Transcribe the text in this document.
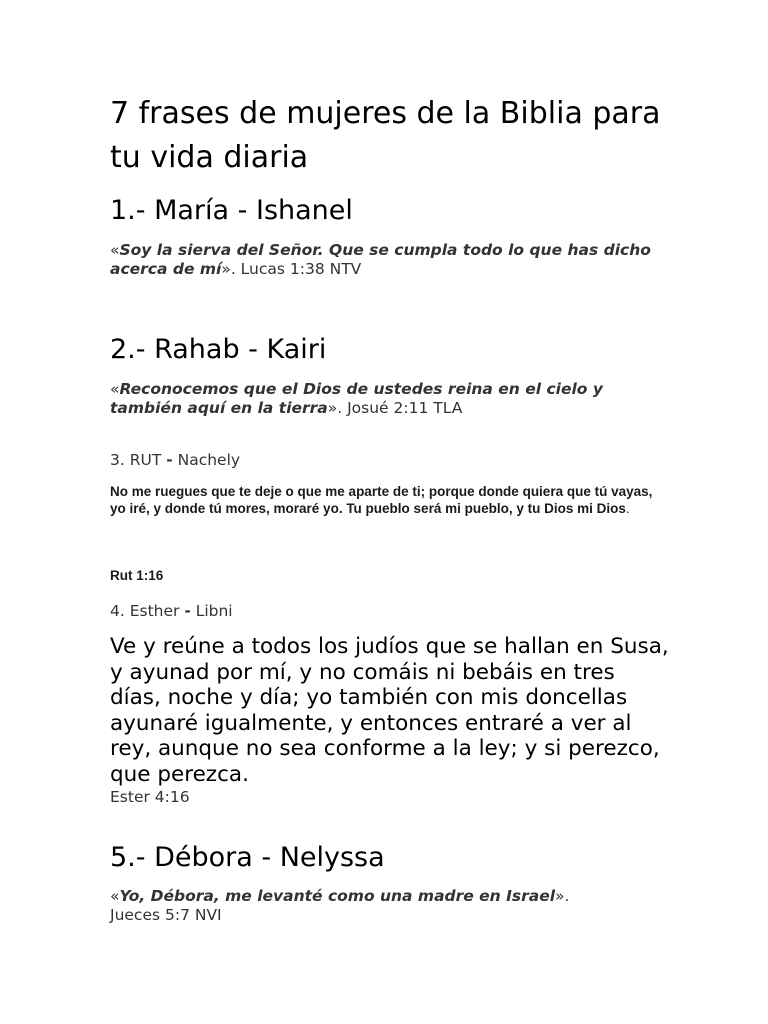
7 frases de mujeres de la Biblia para tu vida diaria
1.- María - Ishanel

«Soy la sierva del Señor. Que se cumpla todo lo que has dicho acerca de mí». Lucas 1:38 NTV

2.- Rahab - Kairi

«Reconocemos que el Dios de ustedes reina en el cielo y también aquí en la tierra». Josué 2:11 TLA

3. RUT - Nachely

No me ruegues que te deje o que me aparte de ti; porque donde quiera que tú vayas, yo iré, y donde tú mores, moraré yo. Tu pueblo será mi pueblo, y tu Dios mi Dios.

Rut 1:16

4. Esther - Libni

Ve y reúne a todos los judíos que se hallan en Susa, y ayunad por mí, y no comáis ni bebáis en tres días, noche y día; yo también con mis doncellas ayunaré igualmente, y entonces entraré a ver al rey, aunque no sea conforme a la ley; y si perezco, que perezca.

Ester 4:16

5.- Débora - Nelyssa

«Yo, Débora, me levanté como una madre en Israel».
Jueces 5:7 NVI
